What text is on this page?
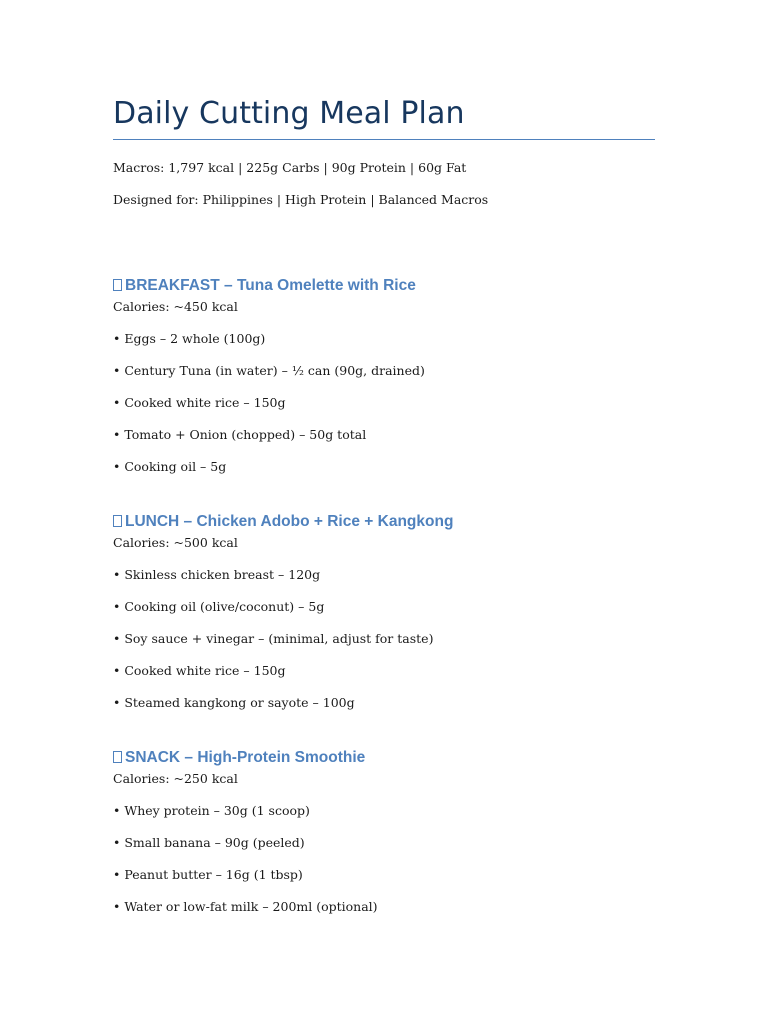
Daily Cutting Meal Plan
Macros: 1,797 kcal | 225g Carbs | 90g Protein | 60g Fat
Designed for: Philippines | High Protein | Balanced Macros
BREAKFAST – Tuna Omelette with Rice
Calories: ~450 kcal
• Eggs – 2 whole (100g)
• Century Tuna (in water) – ½ can (90g, drained)
• Cooked white rice – 150g
• Tomato + Onion (chopped) – 50g total
• Cooking oil – 5g
LUNCH – Chicken Adobo + Rice + Kangkong
Calories: ~500 kcal
• Skinless chicken breast – 120g
• Cooking oil (olive/coconut) – 5g
• Soy sauce + vinegar – (minimal, adjust for taste)
• Cooked white rice – 150g
• Steamed kangkong or sayote – 100g
SNACK – High-Protein Smoothie
Calories: ~250 kcal
• Whey protein – 30g (1 scoop)
• Small banana – 90g (peeled)
• Peanut butter – 16g (1 tbsp)
• Water or low-fat milk – 200ml (optional)
